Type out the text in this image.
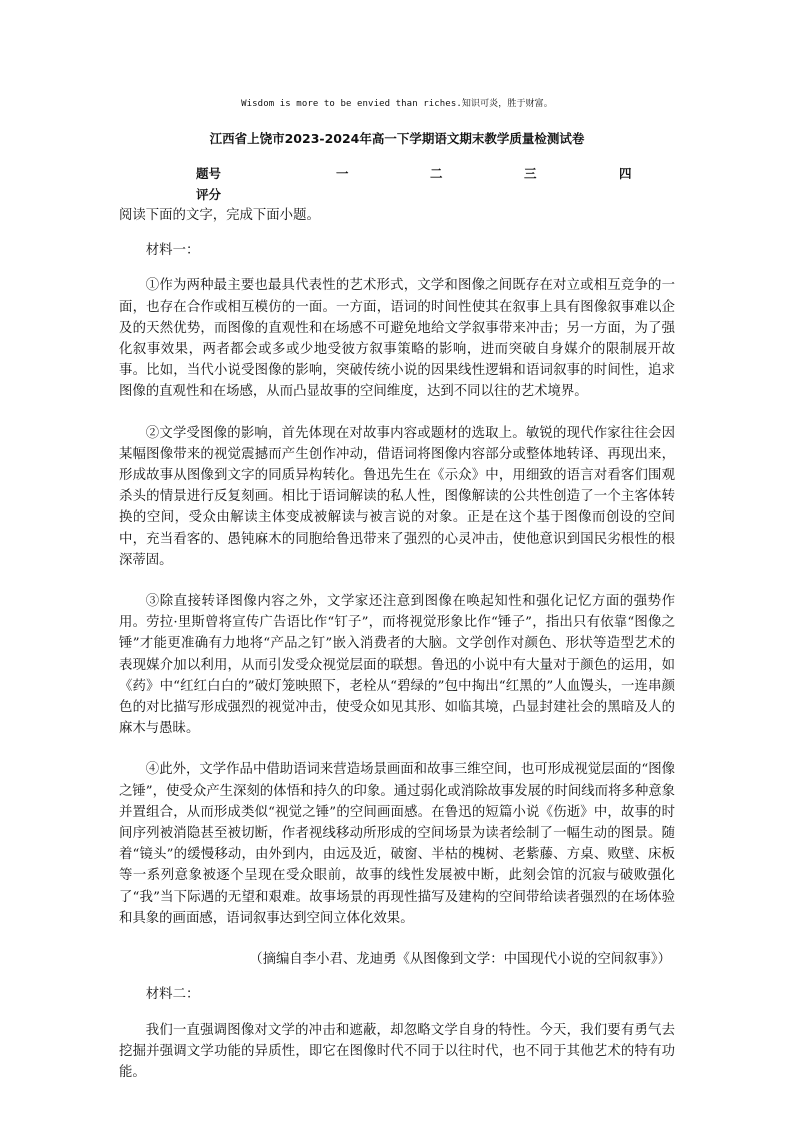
Wisdom is more to be envied than riches.知识可炎，胜于财富。
江西省上饶市2023-2024年高一下学期语文期末教学质量检测试卷
题号	一	二	三	四
评分

阅读下面的文字，完成下面小题。

材料一：

①作为两种最主要也最具代表性的艺术形式，文学和图像之间既存在对立或相互竞争的一面，也存在合作或相互模仿的一面。一方面，语词的时间性使其在叙事上具有图像叙事难以企及的天然优势，而图像的直观性和在场感不可避免地给文学叙事带来冲击；另一方面，为了强化叙事效果，两者都会或多或少地受彼方叙事策略的影响，进而突破自身媒介的限制展开故事。比如，当代小说受图像的影响，突破传统小说的因果线性逻辑和语词叙事的时间性，追求图像的直观性和在场感，从而凸显故事的空间维度，达到不同以往的艺术境界。

②文学受图像的影响，首先体现在对故事内容或题材的选取上。敏锐的现代作家往往会因某幅图像带来的视觉震撼而产生创作冲动，借语词将图像内容部分或整体地转译、再现出来，形成故事从图像到文字的同质异构转化。鲁迅先生在《示众》中，用细致的语言对看客们围观杀头的情景进行反复刻画。相比于语词解读的私人性，图像解读的公共性创造了一个主客体转换的空间，受众由解读主体变成被解读与被言说的对象。正是在这个基于图像而创设的空间中，充当看客的、愚钝麻木的同胞给鲁迅带来了强烈的心灵冲击，使他意识到国民劣根性的根深蒂固。

③除直接转译图像内容之外，文学家还注意到图像在唤起知性和强化记忆方面的强势作用。劳拉·里斯曾将宣传广告语比作“钉子”，而将视觉形象比作“锤子”，指出只有依靠“图像之锤”才能更准确有力地将“产品之钉”嵌入消费者的大脑。文学创作对颜色、形状等造型艺术的表现媒介加以利用，从而引发受众视觉层面的联想。鲁迅的小说中有大量对于颜色的运用，如《药》中“红红白白的”破灯笼映照下，老栓从“碧绿的”包中掏出“红黑的”人血馒头，一连串颜色的对比描写形成强烈的视觉冲击，使受众如见其形、如临其境，凸显封建社会的黑暗及人的麻木与愚昧。

④此外，文学作品中借助语词来营造场景画面和故事三维空间，也可形成视觉层面的“图像之锤”，使受众产生深刻的体悟和持久的印象。通过弱化或消除故事发展的时间线而将多种意象并置组合，从而形成类似“视觉之锤”的空间画面感。在鲁迅的短篇小说《伤逝》中，故事的时间序列被消隐甚至被切断，作者视线移动所形成的空间场景为读者绘制了一幅生动的图景。随着“镜头”的缓慢移动，由外到内，由远及近，破窗、半枯的槐树、老紫藤、方桌、败壁、床板等一系列意象被逐个呈现在受众眼前，故事的线性发展被中断，此刻会馆的沉寂与破败强化了“我”当下际遇的无望和艰难。故事场景的再现性描写及建构的空间带给读者强烈的在场体验和具象的画面感，语词叙事达到空间立体化效果。

（摘编自李小君、龙迪勇《从图像到文学：中国现代小说的空间叙事》）

材料二：

我们一直强调图像对文学的冲击和遮蔽，却忽略文学自身的特性。今天，我们要有勇气去挖掘并强调文学功能的异质性，即它在图像时代不同于以往时代，也不同于其他艺术的特有功能。
